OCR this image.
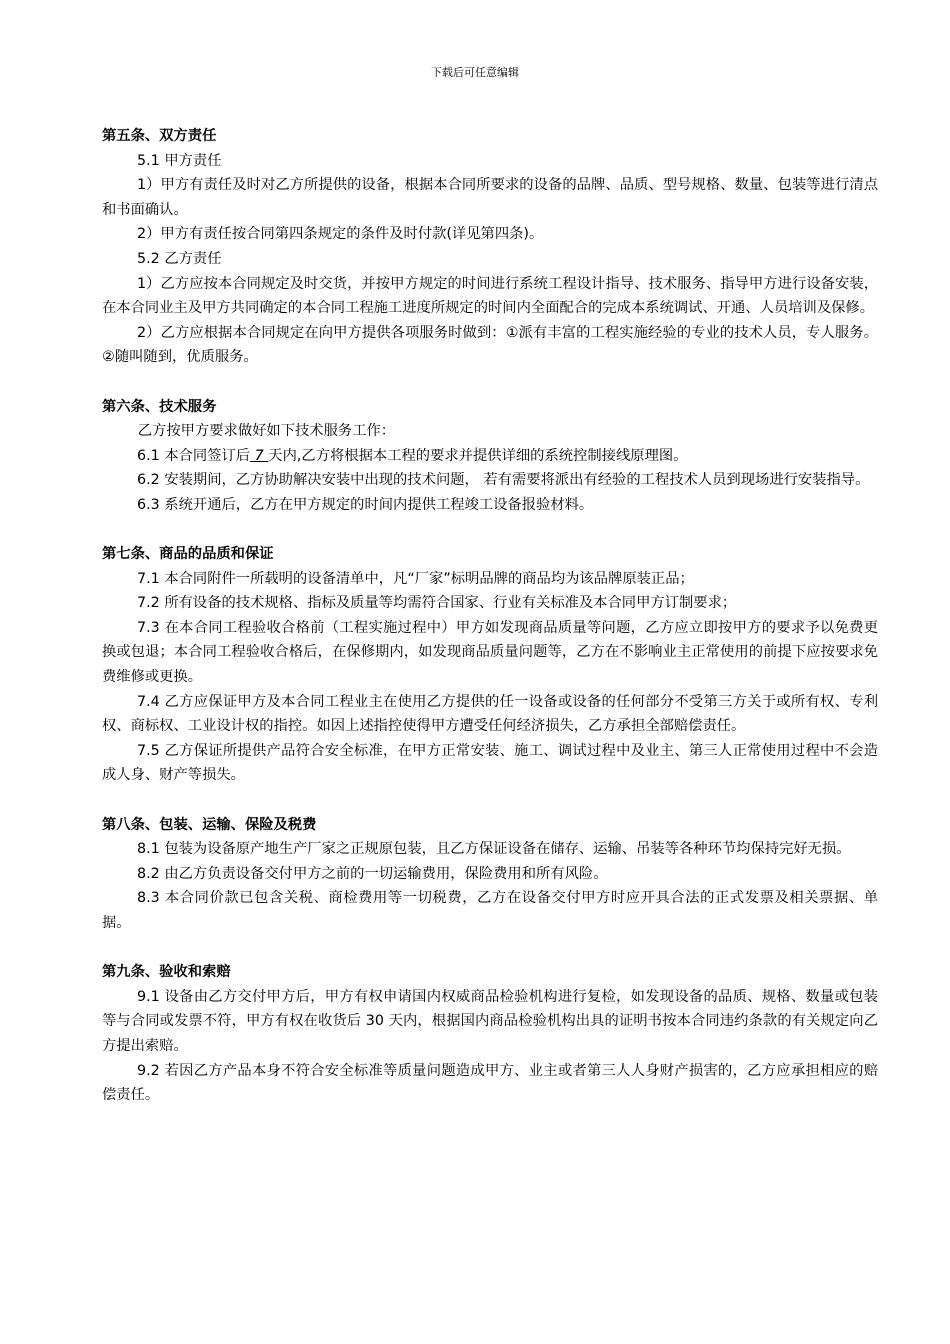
下载后可任意编辑

第五条、双方责任

5.1 甲方责任

1）甲方有责任及时对乙方所提供的设备，根据本合同所要求的设备的品牌、品质、型号规格、数量、包装等进行清点和书面确认。

2）甲方有责任按合同第四条规定的条件及时付款(详见第四条)。

5.2 乙方责任

1）乙方应按本合同规定及时交货，并按甲方规定的时间进行系统工程设计指导、技术服务、指导甲方进行设备安装，在本合同业主及甲方共同确定的本合同工程施工进度所规定的时间内全面配合的完成本系统调试、开通、人员培训及保修。

2）乙方应根据本合同规定在向甲方提供各项服务时做到：①派有丰富的工程实施经验的专业的技术人员，专人服务。②随叫随到，优质服务。

第六条、技术服务

乙方按甲方要求做好如下技术服务工作：

6.1 本合同签订后 7 天内,乙方将根据本工程的要求并提供详细的系统控制接线原理图。

6.2 安装期间，乙方协助解决安装中出现的技术问题， 若有需要将派出有经验的工程技术人员到现场进行安装指导。

6.3 系统开通后，乙方在甲方规定的时间内提供工程竣工设备报验材料。

第七条、商品的品质和保证

7.1 本合同附件一所载明的设备清单中，凡“厂家”标明品牌的商品均为该品牌原装正品；

7.2 所有设备的技术规格、指标及质量等均需符合国家、行业有关标准及本合同甲方订制要求；

7.3 在本合同工程验收合格前（工程实施过程中）甲方如发现商品质量等问题，乙方应立即按甲方的要求予以免费更换或包退；本合同工程验收合格后，在保修期内，如发现商品质量问题等，乙方在不影响业主正常使用的前提下应按要求免费维修或更换。

7.4 乙方应保证甲方及本合同工程业主在使用乙方提供的任一设备或设备的任何部分不受第三方关于或所有权、专利权、商标权、工业设计权的指控。如因上述指控使得甲方遭受任何经济损失，乙方承担全部赔偿责任。

7.5 乙方保证所提供产品符合安全标准，在甲方正常安装、施工、调试过程中及业主、第三人正常使用过程中不会造成人身、财产等损失。

第八条、包装、运输、保险及税费

8.1 包装为设备原产地生产厂家之正规原包装，且乙方保证设备在储存、运输、吊装等各种环节均保持完好无损。

8.2 由乙方负责设备交付甲方之前的一切运输费用，保险费用和所有风险。

8.3 本合同价款已包含关税、商检费用等一切税费，乙方在设备交付甲方时应开具合法的正式发票及相关票据、单据。

第九条、验收和索赔

9.1 设备由乙方交付甲方后，甲方有权申请国内权威商品检验机构进行复检，如发现设备的品质、规格、数量或包装等与合同或发票不符，甲方有权在收货后 30 天内，根据国内商品检验机构出具的证明书按本合同违约条款的有关规定向乙方提出索赔。

9.2 若因乙方产品本身不符合安全标准等质量问题造成甲方、业主或者第三人人身财产损害的，乙方应承担相应的赔偿责任。
